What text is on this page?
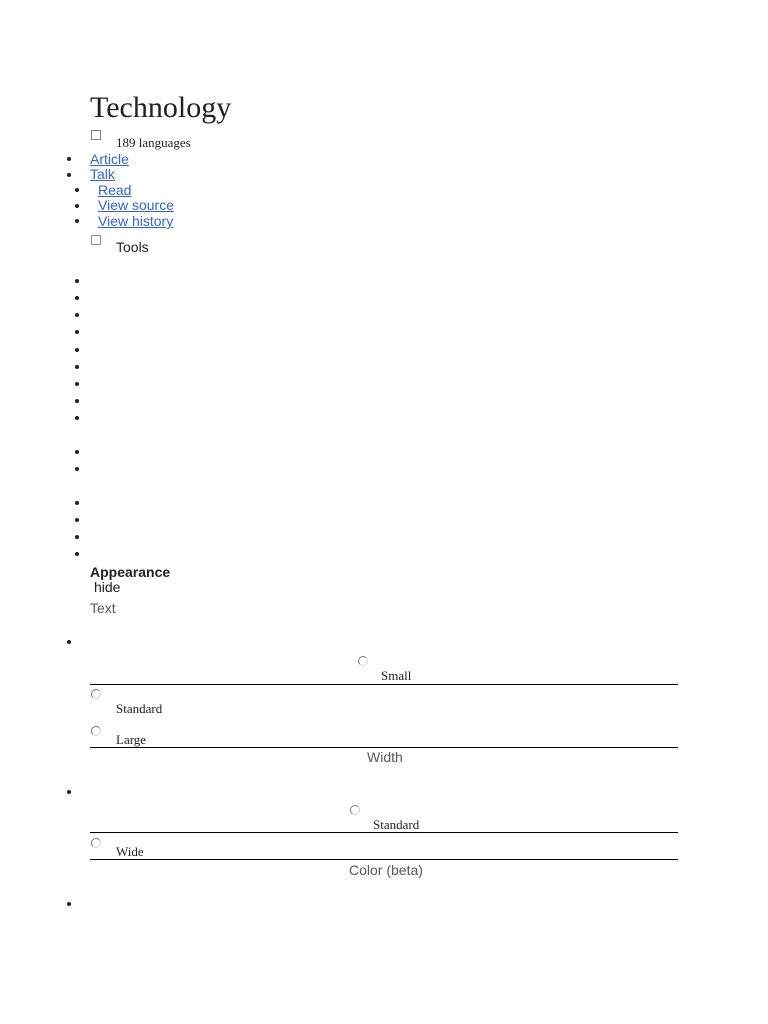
Technology
189 languages
Article
Talk
Read
View source
View history
Tools
Appearance
hide
Text
Small
Standard
Large
Width
Standard
Wide
Color (beta)
